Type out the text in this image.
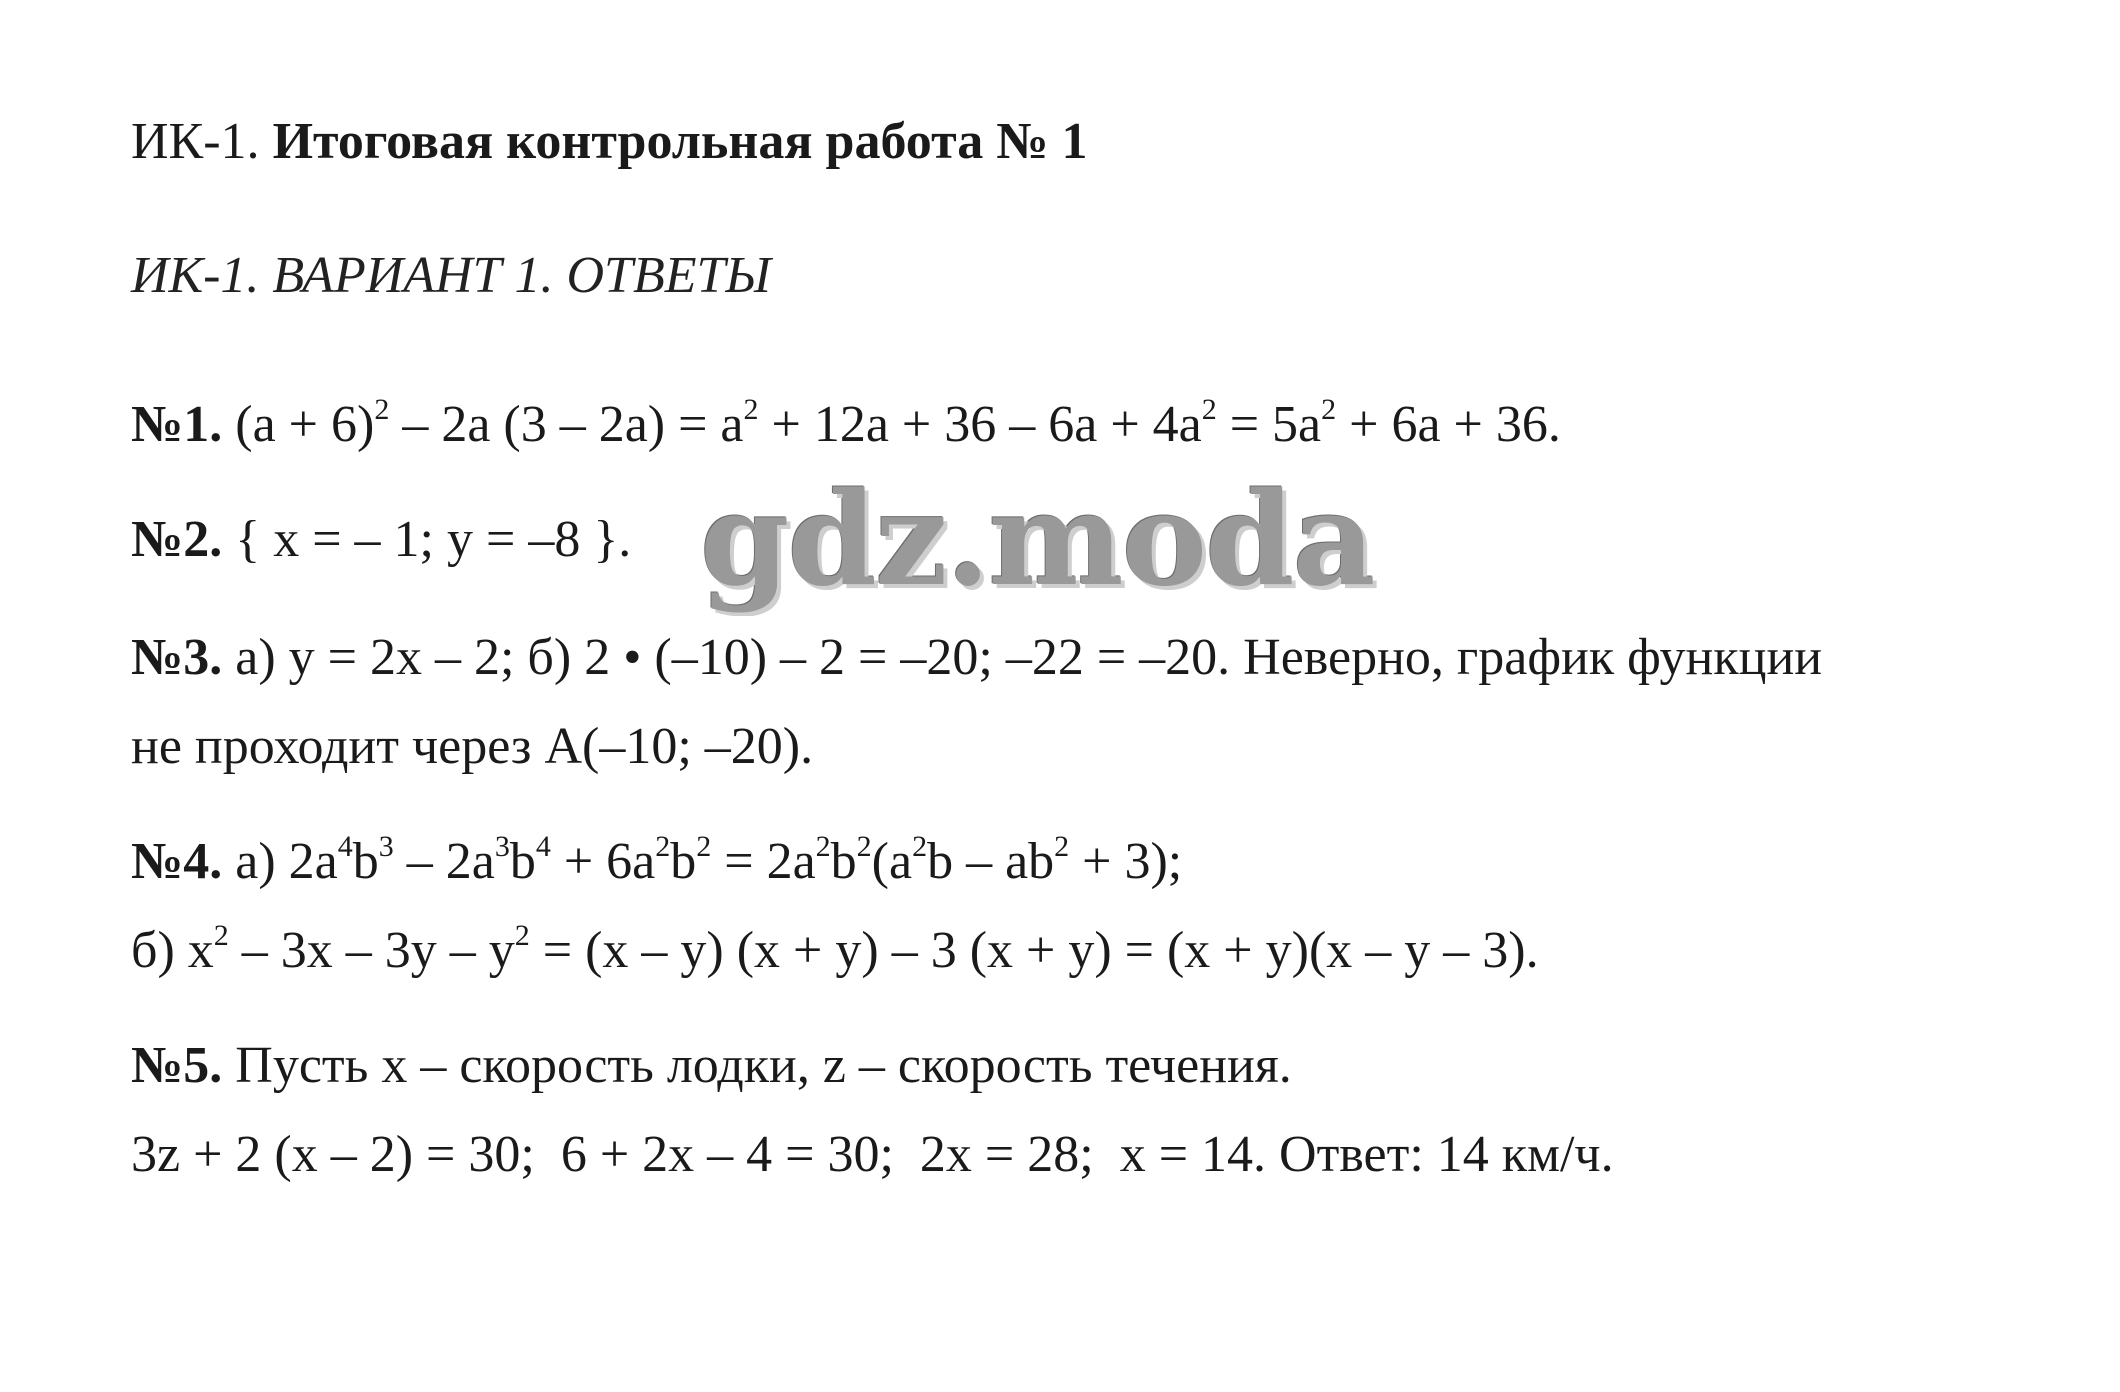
ИК-1. Итоговая контрольная работа № 1
ИК-1. ВАРИАНТ 1. ОТВЕТЫ
№1. $(a + 6)^2 - 2a$ $(3 - 2a) = a^2 + 12a + 36 - 6a + 4a^2 = 5a^2 + 6a + 36$.
№2. { x = – 1; y = –8 }.
№3. а) y = 2x – 2; б) 2 • (–10) – 2 = –20; –22 = –20. Неверно, график функции
не проходит через A(–10; –20).
№4. а) $2a^4b^3 - 2a^3b^4 + 6a^2b^2 = 2a^2b^2(a^2b - ab^2 + 3)$;
б) $x^2 - 3x - 3y - y^2 = (x - y) (x + y) - 3$ (x + y) = (x + y)(x – y – 3).
№5. Пусть x – скорость лодки, z – скорость течения.
3z + 2 (x – 2) = 30; 6 + 2x – 4 = 30; 2x = 28; x = 14. Ответ: 14 км/ч.
gdz.moda
